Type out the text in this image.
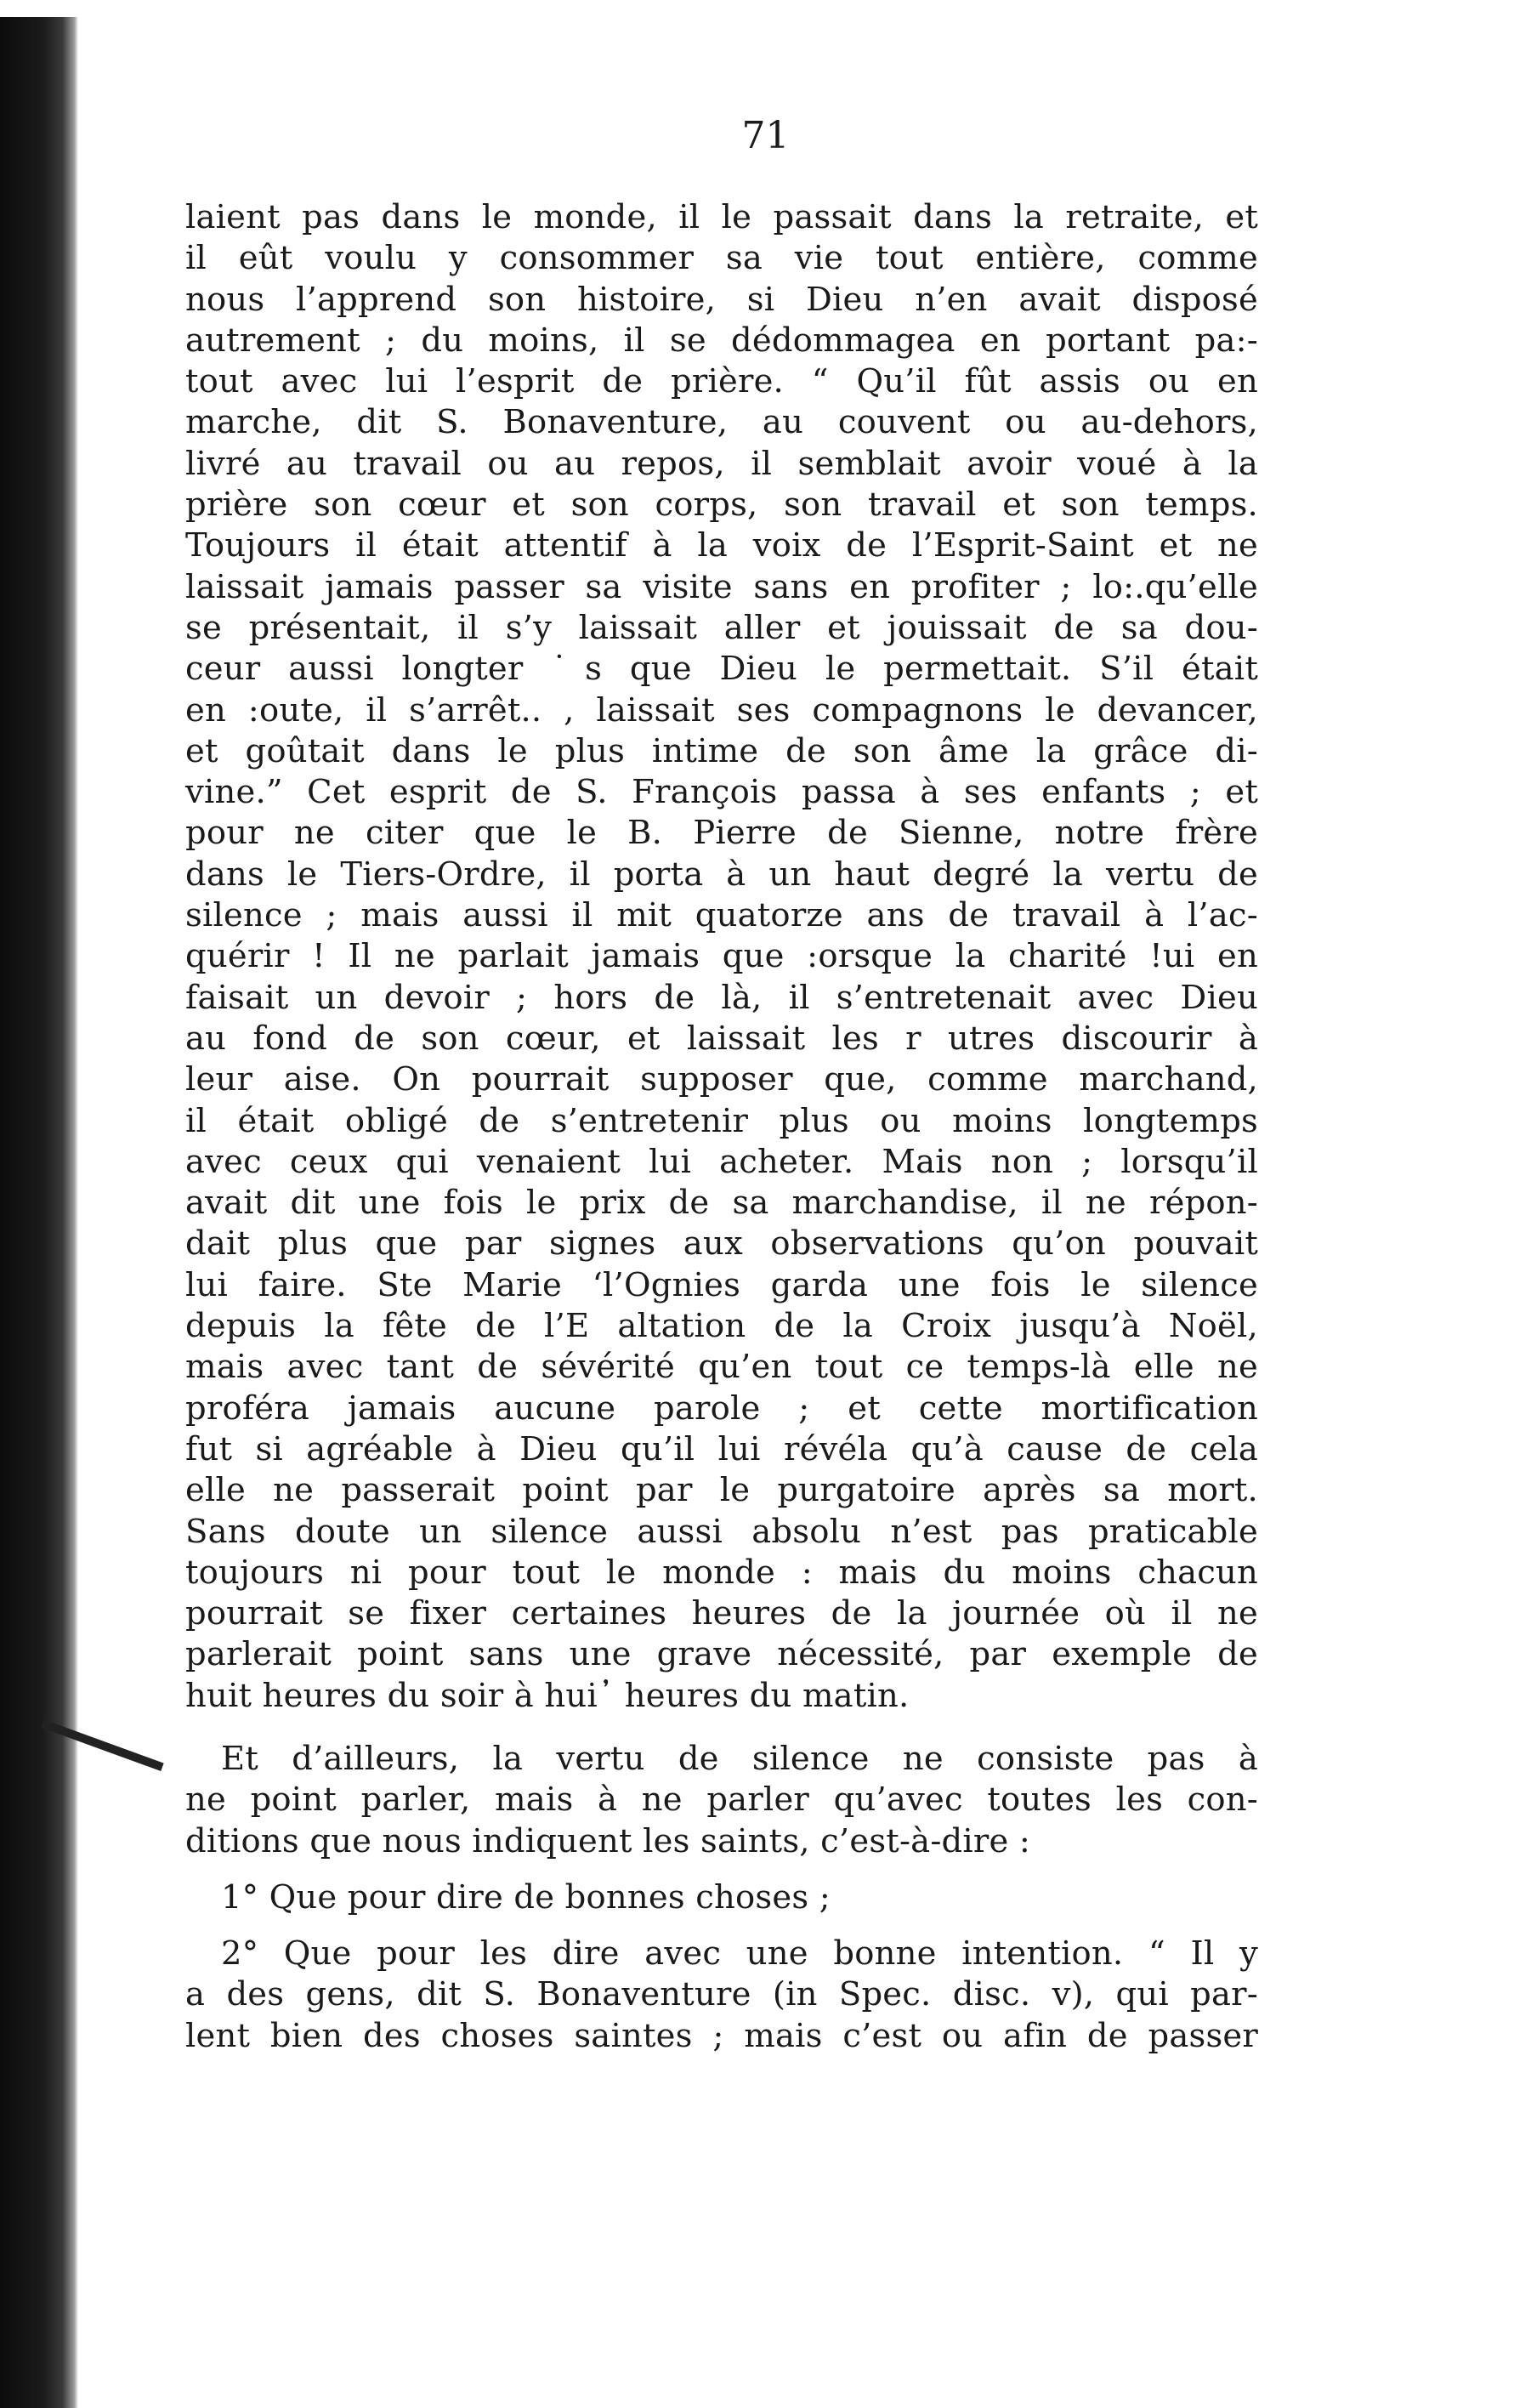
71
laient pas dans le monde, il le passait dans la retraite, et
il eût voulu y consommer sa vie tout entière, comme
nous l’apprend son histoire, si Dieu n’en avait disposé
autrement ; du moins, il se dédommagea en portant pa:-
tout avec lui l’esprit de prière. “ Qu’il fût assis ou en
marche, dit S. Bonaventure, au couvent ou au-dehors,
livré au travail ou au repos, il semblait avoir voué à la
prière son cœur et son corps, son travail et son temps.
Toujours il était attentif à la voix de l’Esprit-Saint et ne
laissait jamais passer sa visite sans en profiter ; lo:.qu’elle
se présentait, il s’y laissait aller et jouissait de sa dou-
ceur aussi longter ˙s que Dieu le permettait. S’il était
en :oute, il s’arrêt.. , laissait ses compagnons le devancer,
et goûtait dans le plus intime de son âme la grâce di-
vine.” Cet esprit de S. François passa à ses enfants ; et
pour ne citer que le B. Pierre de Sienne, notre frère
dans le Tiers-Ordre, il porta à un haut degré la vertu de
silence ; mais aussi il mit quatorze ans de travail à l’ac-
quérir ! Il ne parlait jamais que :orsque la charité !ui en
faisait un devoir ; hors de là, il s’entretenait avec Dieu
au fond de son cœur, et laissait les r utres discourir à
leur aise. On pourrait supposer que, comme marchand,
il était obligé de s’entretenir plus ou moins longtemps
avec ceux qui venaient lui acheter. Mais non ; lorsqu’il
avait dit une fois le prix de sa marchandise, il ne répon-
dait plus que par signes aux observations qu’on pouvait
lui faire. Ste Marie ‘l’Ognies garda une fois le silence
depuis la fête de l’E altation de la Croix jusqu’à Noël,
mais avec tant de sévérité qu’en tout ce temps-là elle ne
proféra jamais aucune parole ; et cette mortification
fut si agréable à Dieu qu’il lui révéla qu’à cause de cela
elle ne passerait point par le purgatoire après sa mort.
Sans doute un silence aussi absolu n’est pas praticable
toujours ni pour tout le monde : mais du moins chacun
pourrait se fixer certaines heures de la journée où il ne
parlerait point sans une grave nécessité, par exemple de
huit heures du soir à hui᾽ heures du matin.
Et d’ailleurs, la vertu de silence ne consiste pas à
ne point parler, mais à ne parler qu’avec toutes les con-
ditions que nous indiquent les saints, c’est-à-dire :
1° Que pour dire de bonnes choses ;
2° Que pour les dire avec une bonne intention. “ Il y
a des gens, dit S. Bonaventure (in Spec. disc. v), qui par-
lent bien des choses saintes ; mais c’est ou afin de passer
